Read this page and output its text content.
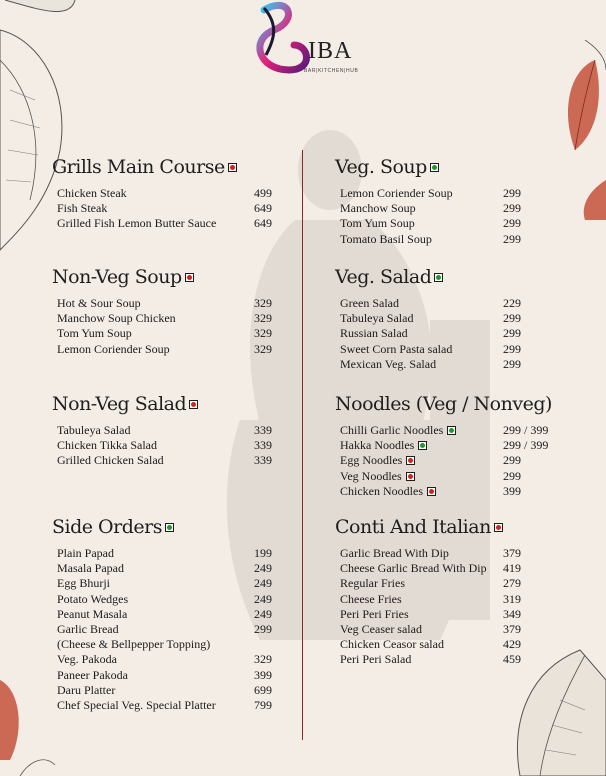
IBA
BAR|KITCHEN|HUB
Grills Main Course
Chicken Steak	499
Fish Steak	649
Grilled Fish Lemon Butter Sauce	649
Non-Veg Soup
Hot & Sour Soup	329
Manchow Soup Chicken	329
Tom Yum Soup	329
Lemon Coriender Soup	329
Non-Veg Salad
Tabuleya Salad	339
Chicken Tikka Salad	339
Grilled Chicken Salad	339
Side Orders
Plain Papad	199
Masala Papad	249
Egg Bhurji	249
Potato Wedges	249
Peanut Masala	249
Garlic Bread	299
(Cheese & Bellpepper Topping)
Veg. Pakoda	329
Paneer Pakoda	399
Daru Platter	699
Chef Special Veg. Special Platter	799
Veg. Soup
Lemon Coriender Soup	299
Manchow Soup	299
Tom Yum Soup	299
Tomato Basil Soup	299
Veg. Salad
Green Salad	229
Tabuleya Salad	299
Russian Salad	299
Sweet Corn Pasta salad	299
Mexican Veg. Salad	299
Noodles (Veg / Nonveg)
Chilli Garlic Noodles	299 / 399
Hakka Noodles	299 / 399
Egg Noodles	299
Veg Noodles	299
Chicken Noodles	399
Conti And Italian
Garlic Bread With Dip	379
Cheese Garlic Bread With Dip 419
Regular Fries	279
Cheese Fries	319
Peri Peri Fries	349
Veg Ceaser salad	379
Chicken Ceasor salad	429
Peri Peri Salad	459
